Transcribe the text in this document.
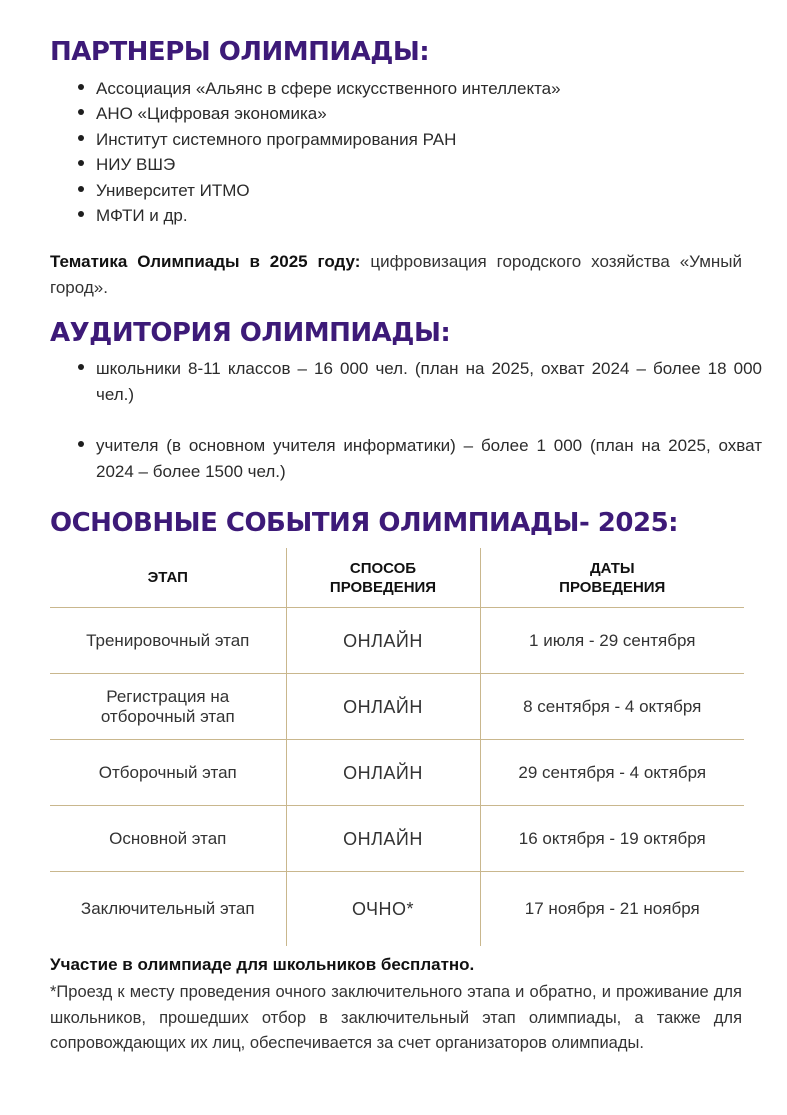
ПАРТНЕРЫ ОЛИМПИАДЫ:
Ассоциация «Альянс в сфере искусственного интеллекта»
АНО «Цифровая экономика»
Институт системного программирования РАН
НИУ ВШЭ
Университет ИТМО
МФТИ и др.

Тематика Олимпиады в 2025 году: цифровизация городского хозяйства «Умный город».

АУДИТОРИЯ ОЛИМПИАДЫ:
школьники 8-11 классов – 16 000 чел. (план на 2025, охват 2024 – более 18 000 чел.)
учителя (в основном учителя информатики) – более 1 000 (план на 2025, охват 2024 – более 1500 чел.)
ОСНОВНЫЕ СОБЫТИЯ ОЛИМПИАДЫ- 2025:
ЭТАП	СПОСОБ ПРОВЕДЕНИЯ	ДАТЫ ПРОВЕДЕНИЯ

Тренировочный этап	ОНЛАЙН	1 июля - 29 сентября

Регистрация на отборочный этап	ОНЛАЙН	8 сентября - 4 октября
Отборочный этап	ОНЛАЙН	29 сентября - 4 октября
Основной этап	ОНЛАЙН	16 октября - 19 октября
Заключительный этап	ОЧНО*	17 ноября - 21 ноября

Участие в олимпиаде для школьников бесплатно.

*Проезд к месту проведения очного заключительного этапа и обратно, и проживание для школьников, прошедших отбор в заключительный этап олимпиады, а также для сопровождающих их лиц, обеспечивается за счет организаторов олимпиады.
